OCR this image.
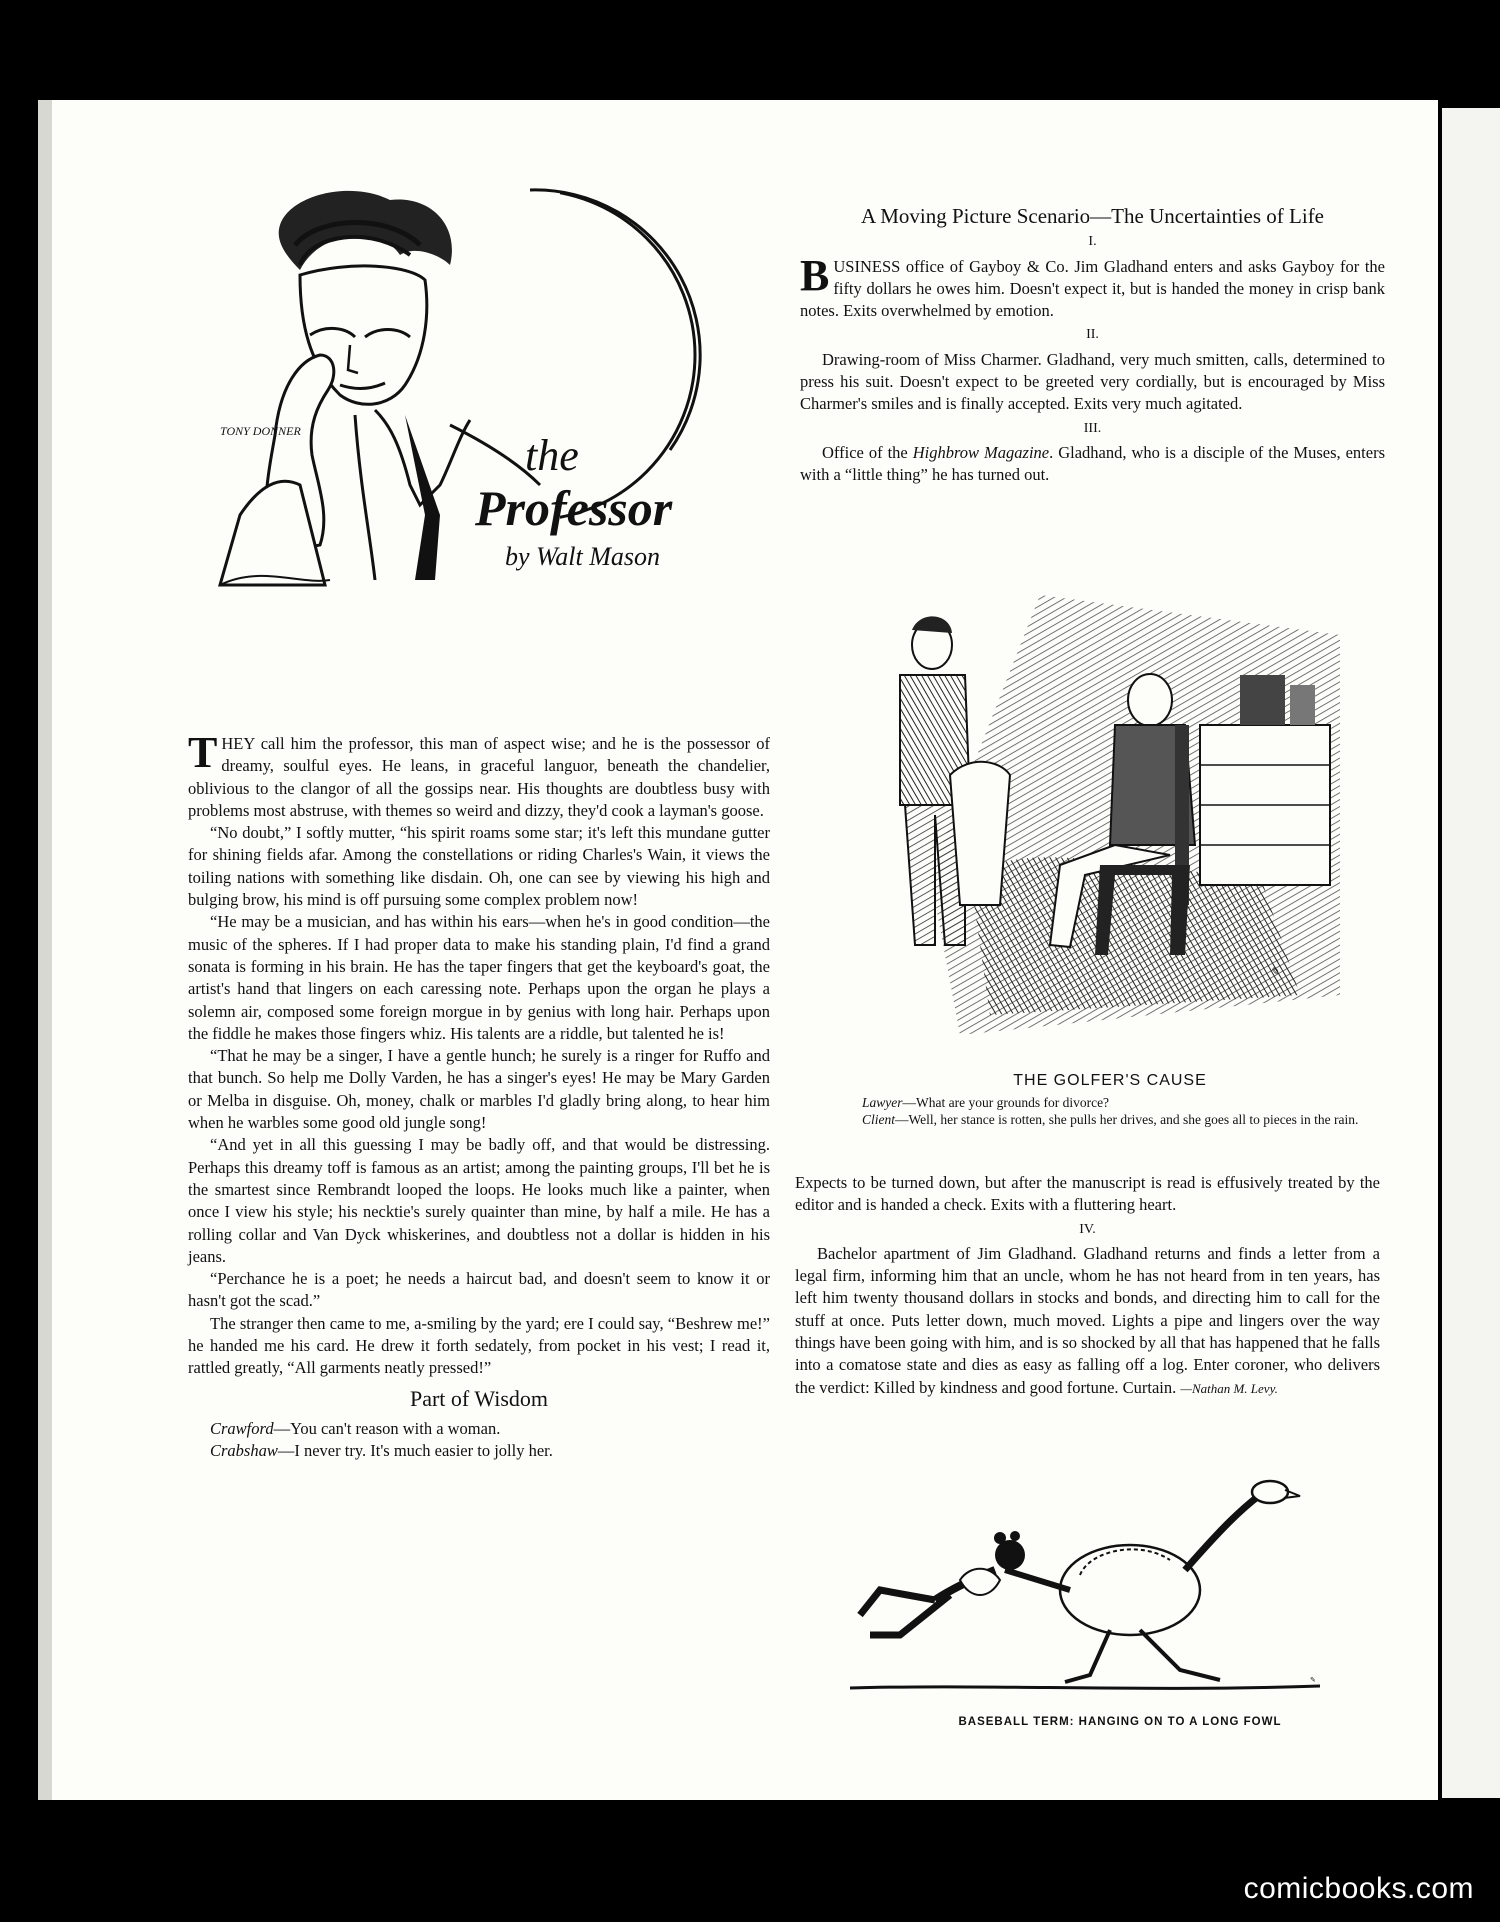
TONY DONNER	the
Professor
by Walt Mason

THEY call him the professor, this man of aspect wise; and he is the possessor of dreamy, soulful eyes. He leans, in graceful languor, beneath the chandelier, oblivious to the clangor of all the gossips near. His thoughts are doubtless busy with problems most abstruse, with themes so weird and dizzy, they'd cook a layman's goose.

“No doubt,” I softly mutter, “his spirit roams some star; it's left this mundane gutter for shining fields afar. Among the constellations or riding Charles's Wain, it views the toiling nations with something like disdain. Oh, one can see by viewing his high and bulging brow, his mind is off pursuing some complex problem now!

“He may be a musician, and has within his ears—when he's in good condition—the music of the spheres. If I had proper data to make his standing plain, I'd find a grand sonata is forming in his brain. He has the taper fingers that get the keyboard's goat, the artist's hand that lingers on each caressing note. Perhaps upon the organ he plays a solemn air, composed some foreign morgue in by genius with long hair. Perhaps upon the fiddle he makes those fingers whiz. His talents are a riddle, but talented he is!

“That he may be a singer, I have a gentle hunch; he surely is a ringer for Ruffo and that bunch. So help me Dolly Varden, he has a singer's eyes! He may be Mary Garden or Melba in disguise. Oh, money, chalk or marbles I'd gladly bring along, to hear him when he warbles some good old jungle song!

“And yet in all this guessing I may be badly off, and that would be distressing. Perhaps this dreamy toff is famous as an artist; among the painting groups, I'll bet he is the smartest since Rembrandt looped the loops. He looks much like a painter, when once I view his style; his necktie's surely quainter than mine, by half a mile. He has a rolling collar and Van Dyck whiskerines, and doubtless not a dollar is hidden in his jeans.

“Perchance he is a poet; he needs a haircut bad, and doesn't seem to know it or hasn't got the scad.”

The stranger then came to me, a-smiling by the yard; ere I could say, “Beshrew me!” he handed me his card. He drew it forth sedately, from pocket in his vest; I read it, rattled greatly, “All garments neatly pressed!”

Part of Wisdom

Crawford—You can't reason with a woman.

Crabshaw—I never try. It's much easier to jolly her.

A Moving Picture Scenario—The Uncertainties of Life
I.

BUSINESS office of Gayboy & Co. Jim Gladhand enters and asks Gayboy for the fifty dollars he owes him. Doesn't expect it, but is handed the money in crisp bank notes. Exits overwhelmed by emotion.

II.

Drawing-room of Miss Charmer. Gladhand, very much smitten, calls, determined to press his suit. Doesn't expect to be greeted very cordially, but is encouraged by Miss Charmer's smiles and is finally accepted. Exits very much agitated.

III.

Office of the Highbrow Magazine. Gladhand, who is a disciple of the Muses, enters with a “little thing” he has turned out.

✎
THE GOLFER'S CAUSE
Lawyer—What are your grounds for divorce?
Client—Well, her stance is rotten, she pulls her drives, and she goes all to pieces in the rain.

Expects to be turned down, but after the manuscript is read is effusively treated by the editor and is handed a check. Exits with a fluttering heart.

IV.

Bachelor apartment of Jim Gladhand. Gladhand returns and finds a letter from a legal firm, informing him that an uncle, whom he has not heard from in ten years, has left him twenty thousand dollars in stocks and bonds, and directing him to call for the stuff at once. Puts letter down, much moved. Lights a pipe and lingers over the way things have been going with him, and is so shocked by all that has happened that he falls into a comatose state and dies as easy as falling off a log. Enter coroner, who delivers the verdict: Killed by kindness and good fortune. Curtain. —Nathan M. Levy.

✎
BASEBALL TERM: HANGING ON TO A LONG FOWL
comicbooks.com
